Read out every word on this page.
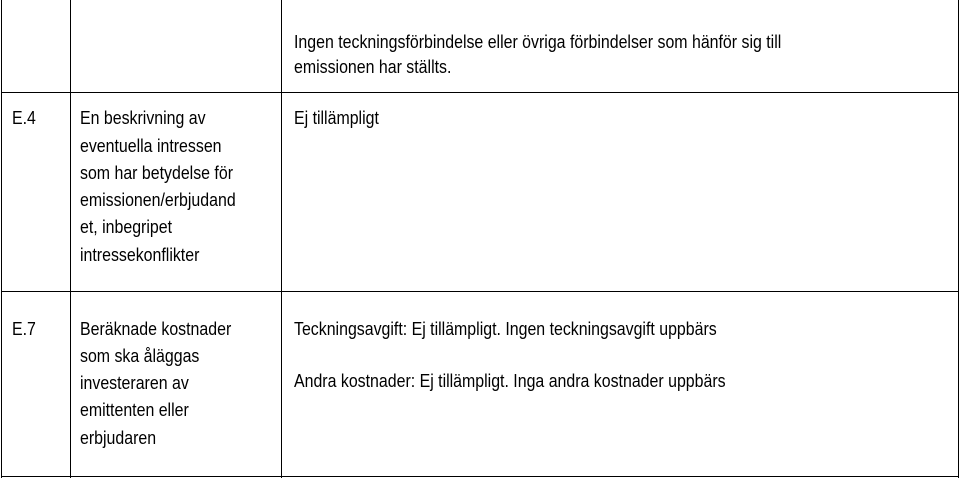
Ingen teckningsförbindelse eller övriga förbindelser som hänför sig till
emissionen har ställts.
E.4 En beskrivning av
eventuella intressen
som har betydelse för
emissionen/erbjudand
et, inbegripet
intressekonflikter
Ej tillämpligt
E.7 Beräknade kostnader
som ska åläggas
investeraren av
emittenten eller
erbjudaren
Teckningsavgift: Ej tillämpligt. Ingen teckningsavgift uppbärs
Andra kostnader: Ej tillämpligt. Inga andra kostnader uppbärs
